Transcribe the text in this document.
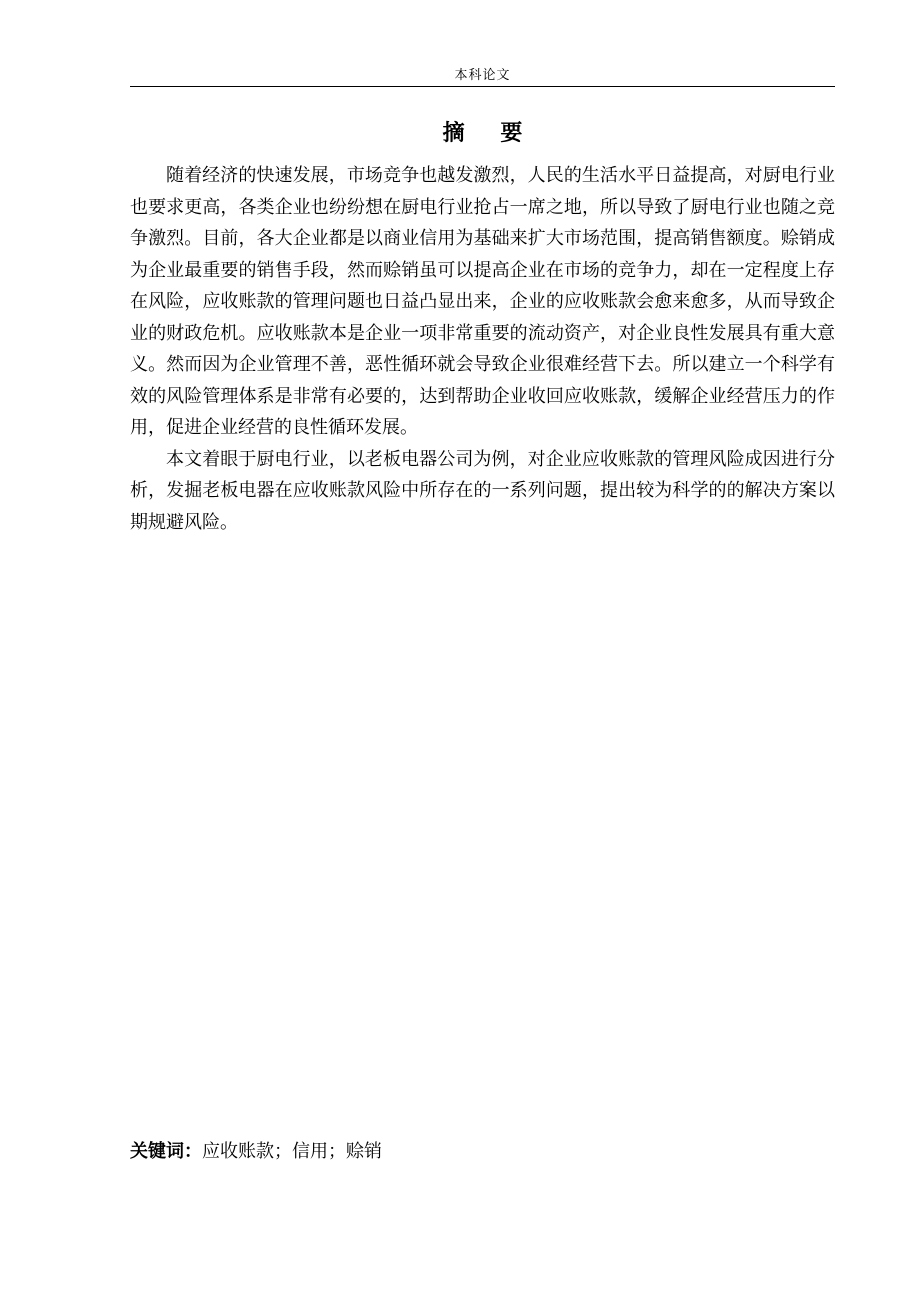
本科论文
摘 要

随着经济的快速发展，市场竞争也越发激烈，人民的生活水平日益提高，对厨电行业也要求更高，各类企业也纷纷想在厨电行业抢占一席之地，所以导致了厨电行业也随之竞争激烈。目前，各大企业都是以商业信用为基础来扩大市场范围，提高销售额度。赊销成为企业最重要的销售手段，然而赊销虽可以提高企业在市场的竞争力，却在一定程度上存在风险，应收账款的管理问题也日益凸显出来，企业的应收账款会愈来愈多，从而导致企业的财政危机。应收账款本是企业一项非常重要的流动资产，对企业良性发展具有重大意义。然而因为企业管理不善，恶性循环就会导致企业很难经营下去。所以建立一个科学有效的风险管理体系是非常有必要的，达到帮助企业收回应收账款，缓解企业经营压力的作用，促进企业经营的良性循环发展。

本文着眼于厨电行业，以老板电器公司为例，对企业应收账款的管理风险成因进行分析，发掘老板电器在应收账款风险中所存在的一系列问题，提出较为科学的的解决方案以期规避风险。

关键词：应收账款；信用；赊销
